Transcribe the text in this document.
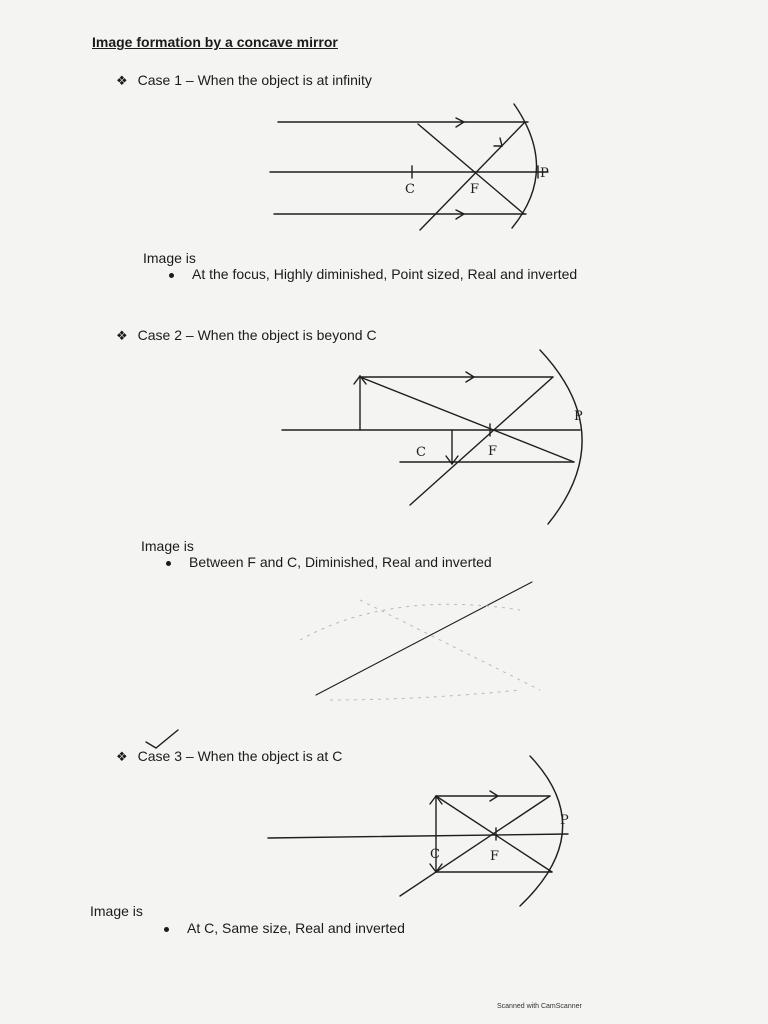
Image formation by a concave mirror
❖ Case 1 – When the object is at infinity
C	F
P
Image is
At the focus, Highly diminished, Point sized, Real and inverted
❖ Case 2 – When the object is beyond C
C	F
P
Image is
Between F and C, Diminished, Real and inverted
❖ Case 3 – When the object is at C
C	F
P
Image is
At C, Same size, Real and inverted
Scanned with CamScanner
